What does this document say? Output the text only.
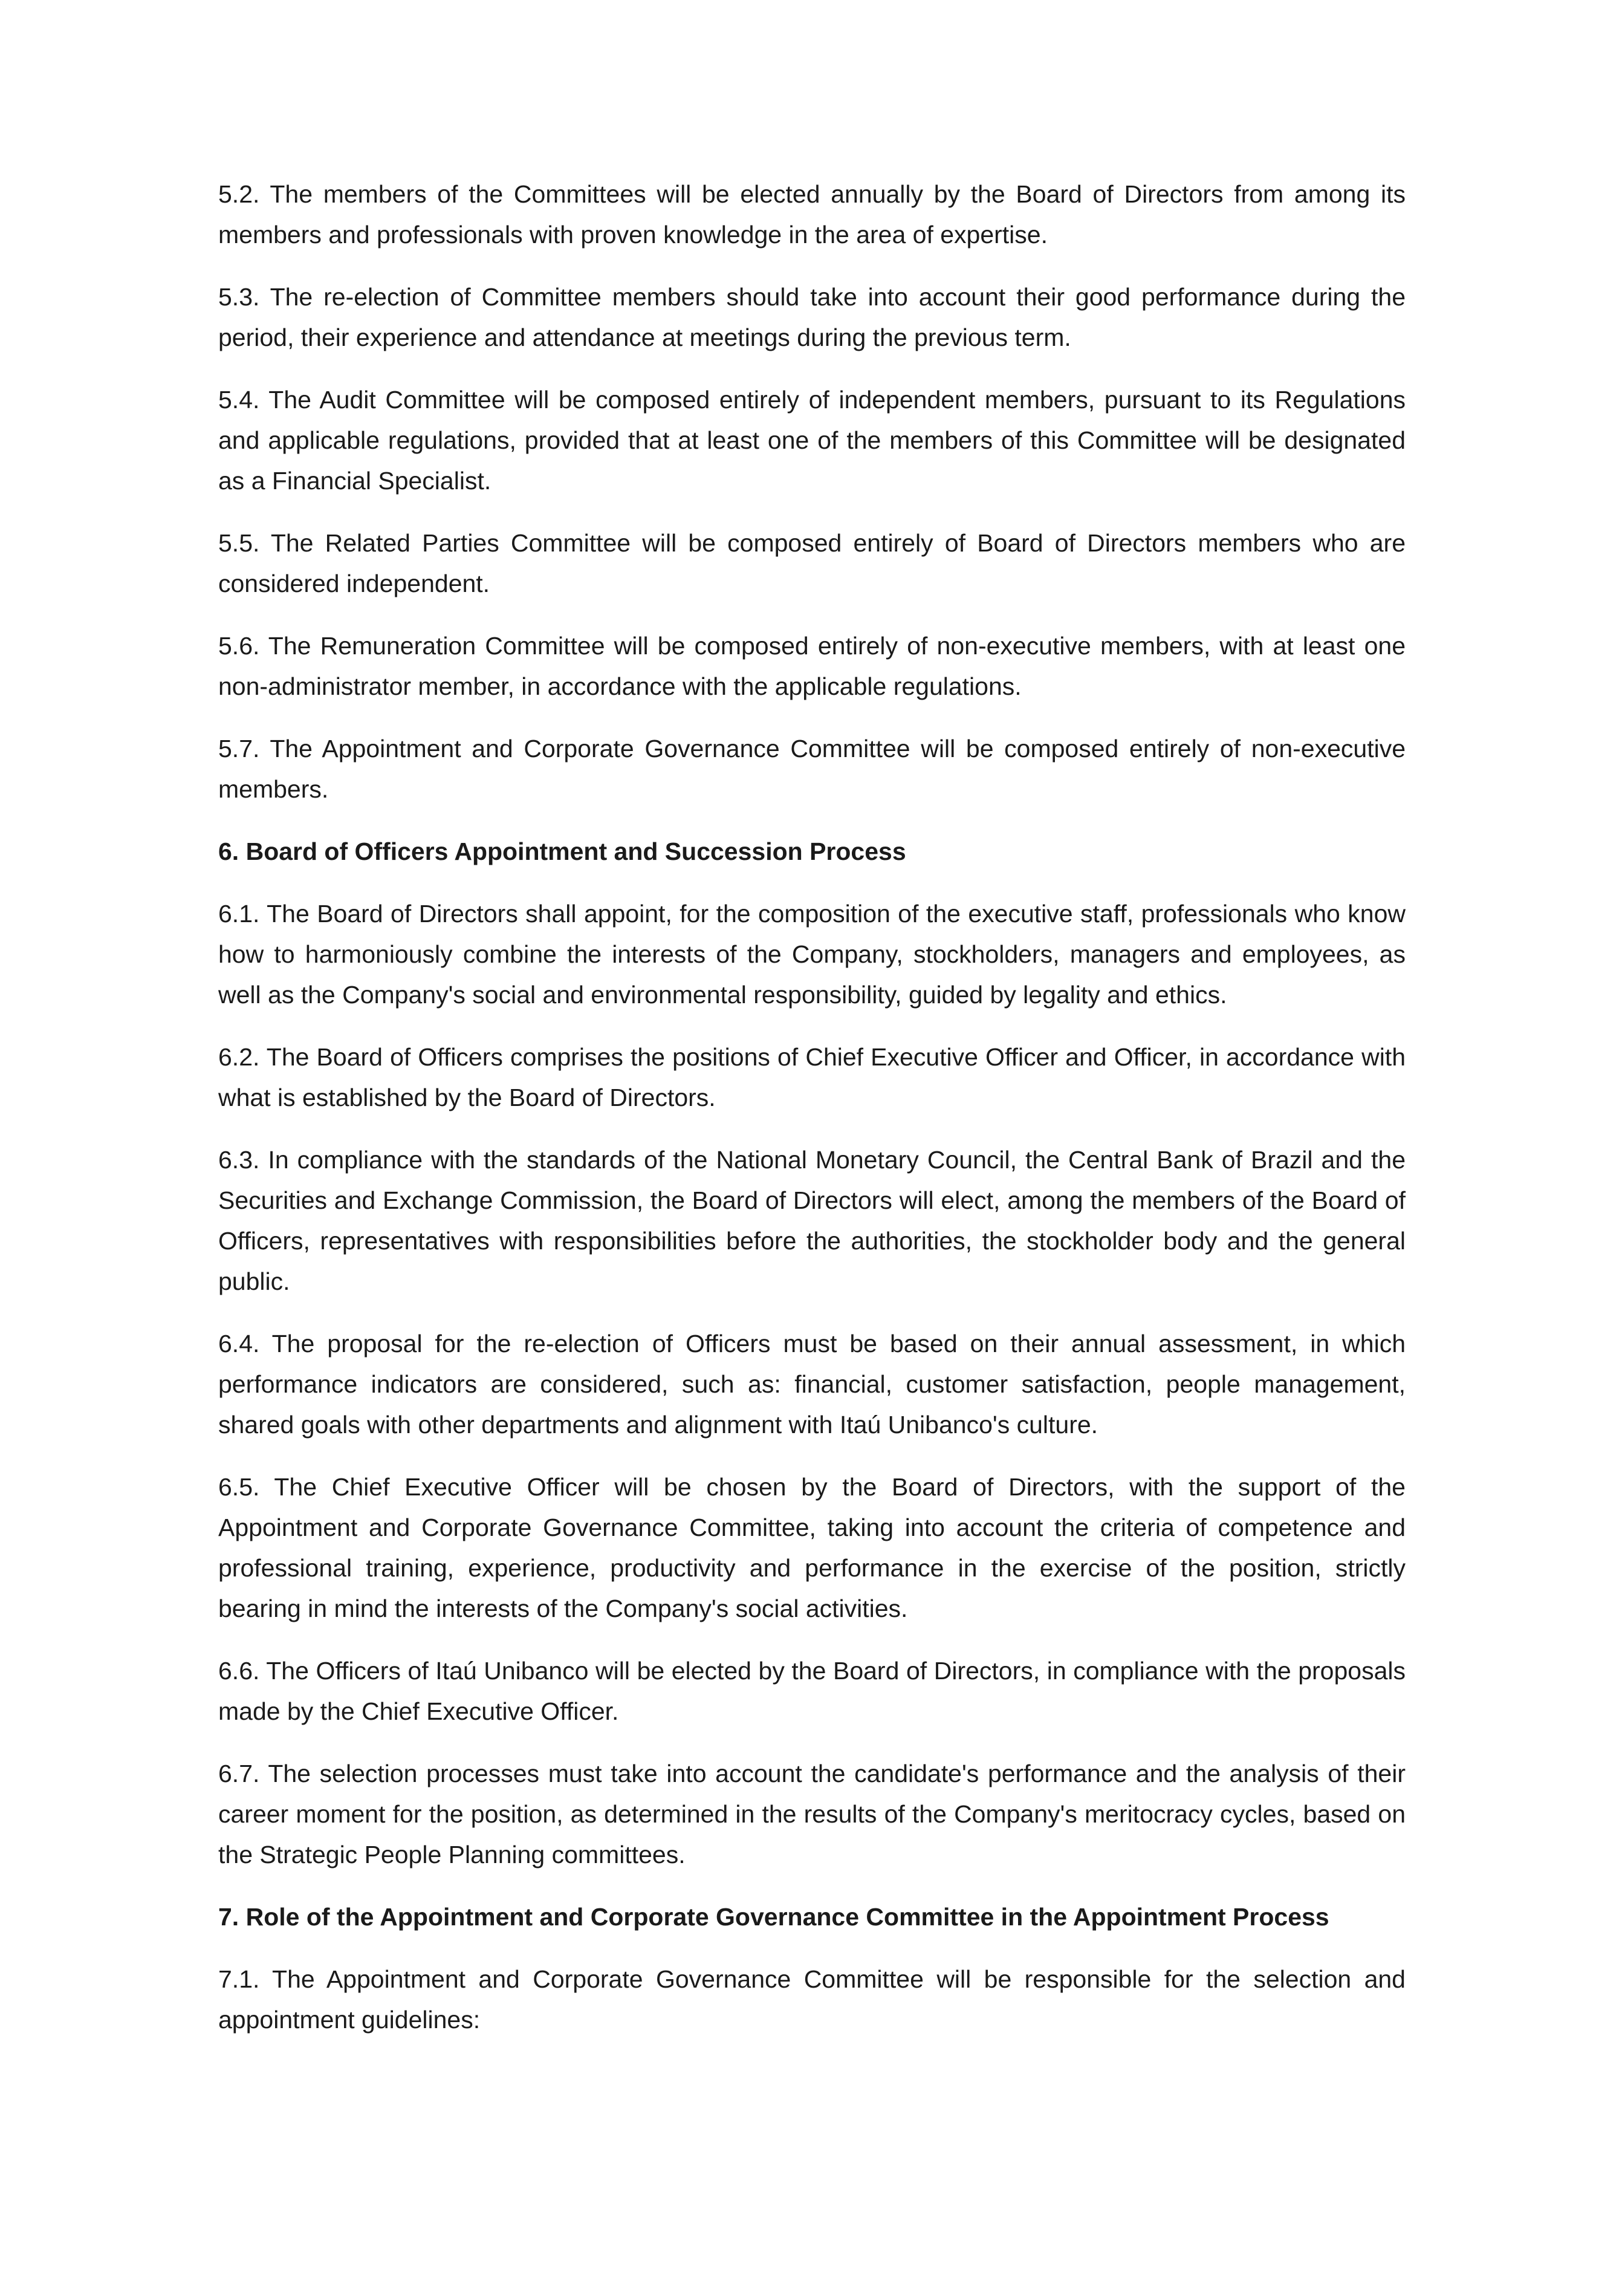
5.2. The members of the Committees will be elected annually by the Board of Directors from among its members and professionals with proven knowledge in the area of expertise.

5.3. The re-election of Committee members should take into account their good performance during the period, their experience and attendance at meetings during the previous term.

5.4. The Audit Committee will be composed entirely of independent members, pursuant to its Regulations and applicable regulations, provided that at least one of the members of this Committee will be designated as a Financial Specialist.

5.5. The Related Parties Committee will be composed entirely of Board of Directors members who are considered independent.

5.6. The Remuneration Committee will be composed entirely of non-executive members, with at least one non-administrator member, in accordance with the applicable regulations.

5.7. The Appointment and Corporate Governance Committee will be composed entirely of non-executive members.

6. Board of Officers Appointment and Succession Process

6.1. The Board of Directors shall appoint, for the composition of the executive staff, professionals who know how to harmoniously combine the interests of the Company, stockholders, managers and employees, as well as the Company's social and environmental responsibility, guided by legality and ethics.

6.2. The Board of Officers comprises the positions of Chief Executive Officer and Officer, in accordance with what is established by the Board of Directors.

6.3. In compliance with the standards of the National Monetary Council, the Central Bank of Brazil and the Securities and Exchange Commission, the Board of Directors will elect, among the members of the Board of Officers, representatives with responsibilities before the authorities, the stockholder body and the general public.

6.4. The proposal for the re-election of Officers must be based on their annual assessment, in which performance indicators are considered, such as: financial, customer satisfaction, people management, shared goals with other departments and alignment with Itaú Unibanco's culture.

6.5. The Chief Executive Officer will be chosen by the Board of Directors, with the support of the Appointment and Corporate Governance Committee, taking into account the criteria of competence and professional training, experience, productivity and performance in the exercise of the position, strictly bearing in mind the interests of the Company's social activities.

6.6. The Officers of Itaú Unibanco will be elected by the Board of Directors, in compliance with the proposals made by the Chief Executive Officer.

6.7. The selection processes must take into account the candidate's performance and the analysis of their career moment for the position, as determined in the results of the Company's meritocracy cycles, based on the Strategic People Planning committees.

7. Role of the Appointment and Corporate Governance Committee in the Appointment Process

7.1. The Appointment and Corporate Governance Committee will be responsible for the selection and appointment guidelines:
